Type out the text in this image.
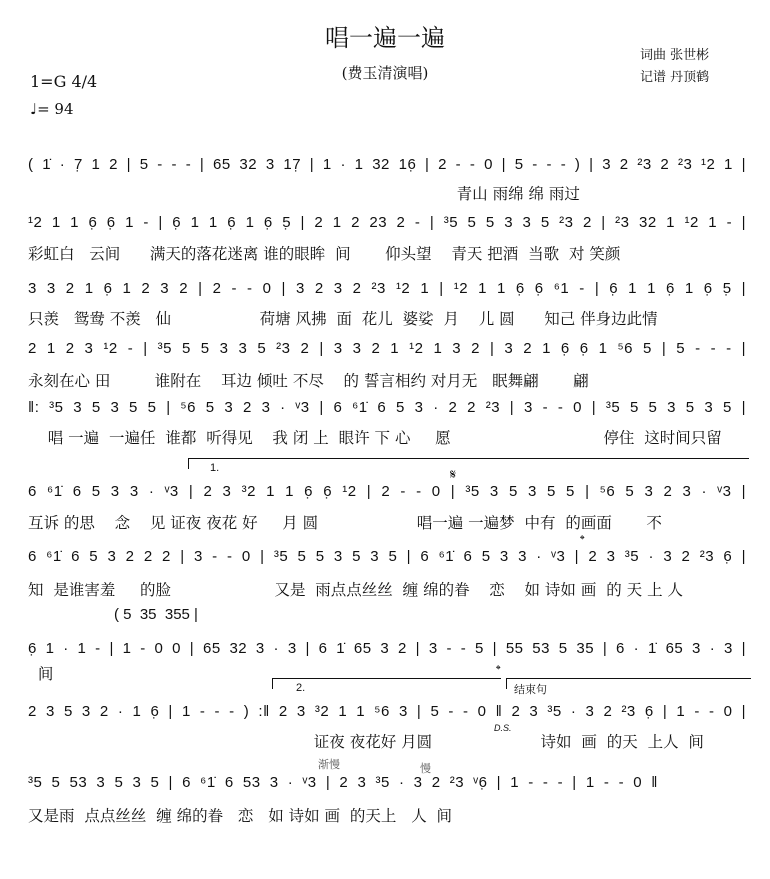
唱一遍一遍
(费玉清演唱)
词曲 张世彬
记谱 丹顶鹤
1=G 4/4
♩= 94
( 1̇ · 7̣ 1 2 | 5 - - - | 65 32 3 17̣ | 1 · 1 32 16̣ | 2 - - 0 | 5 - - - ) | 3 2 ²3 2 ²3 ¹2 1 |
青山 雨绵 绵 雨过
¹2 1 1 6̣ 6̣ 1 - | 6̣ 1 1 6̣ 1 6̣ 5̣ | 2 1 2 23 2 - | ³5 5 5 3 3 5 ²3 2 | ²3 32 1 ¹2 1 - |
彩虹白   云间      满天的落花迷离 谁的眼眸  间       仰头望    青天 把酒  当歌  对 笑颜
3 3 2 1 6̣ 1 2 3 2 | 2 - - 0 | 3 2 3 2 ²3 ¹2 1 | ¹2 1 1 6̣ 6̣ ⁶1 - | 6̣ 1 1 6̣ 1 6̣ 5̣ |
只羡   鸳鸯 不羡   仙                  荷塘 风拂  面  花儿  婆娑  月    儿 圆      知己 伴身边此情
2 1 2 3 ¹2 - | ³5 5 5 3 3 5 ²3 2 | 3 3 2 1 ¹2 1 3 2 | 3 2 1 6̣ 6̣ 1 ⁵6 5 | 5 - - - |
永刻在心 田         谁附在    耳边 倾吐 不尽    的 誓言相约 对月无   眠舞翩       翩
‖: ³5 3 5 3 5 5 | ⁵6 5 3 2 3 · ᵛ3 | 6 ⁶1̇ 6 5 3 · 2 2 ²3 | 3 - - 0 | ³5 5 5 3 5 3 5 |
唱 一遍  一遍任  谁都  听得见    我 闭 上  眼许 下 心     愿                               停住  这时间只留
1.	𝄋
6 ⁶1̇ 6 5 3 3 · ᵛ3 | 2 3 ³2 1 1 6̣ 6̣ ¹2 | 2 - - 0 | ³5 3 5 3 5 5 | ⁵6 5 3 2 3 · ᵛ3 |
互诉 的思    念    见 证夜 夜花 好     月 圆                    唱一遍 一遍梦  中有  的画面       不
𝄌
6 ⁶1̇ 6 5 3 2 2 2 | 3 - - 0 | ³5 5 5 3 5 3 5 | 6 ⁶1̇ 6 5 3 3 · ᵛ3 | 2 3 ³5 · 3 2 ²3 6̣ |
知  是谁害羞     的脸                     又是  雨点点丝丝  缠 绵的眷    恋    如 诗如 画  的 天 上 人
( 5  35  355 |
6̣ 1 · 1 - | 1 - 0 0 | 65 32 3 · 3 | 6 1̇ 65 3 2 | 3 - - 5 | 55 53 5 35 | 6 · 1̇ 65 3 · 3 |
间	𝄌
2.	结束句
2 3 5 3 2 · 1 6̣ | 1 - - - ) :‖ 2 3 ³2 1 1 ⁵6 3 | 5 - - 0 ‖ 2 3 ³5 · 3 2 ²3 6̣ | 1 - - 0 |
D.S.
证夜 夜花好 月圆                      诗如  画  的天  上人  间
渐慢	慢
³5 5 53 3 5 3 5 | 6 ⁶1̇ 6 53 3 · ᵛ3 | 2 3 ³5 · 3 2 ²3 ᵛ6̣ | 1 - - - | 1 - - 0 ‖
又是雨  点点丝丝  缠 绵的眷   恋   如 诗如 画  的天上   人  间
